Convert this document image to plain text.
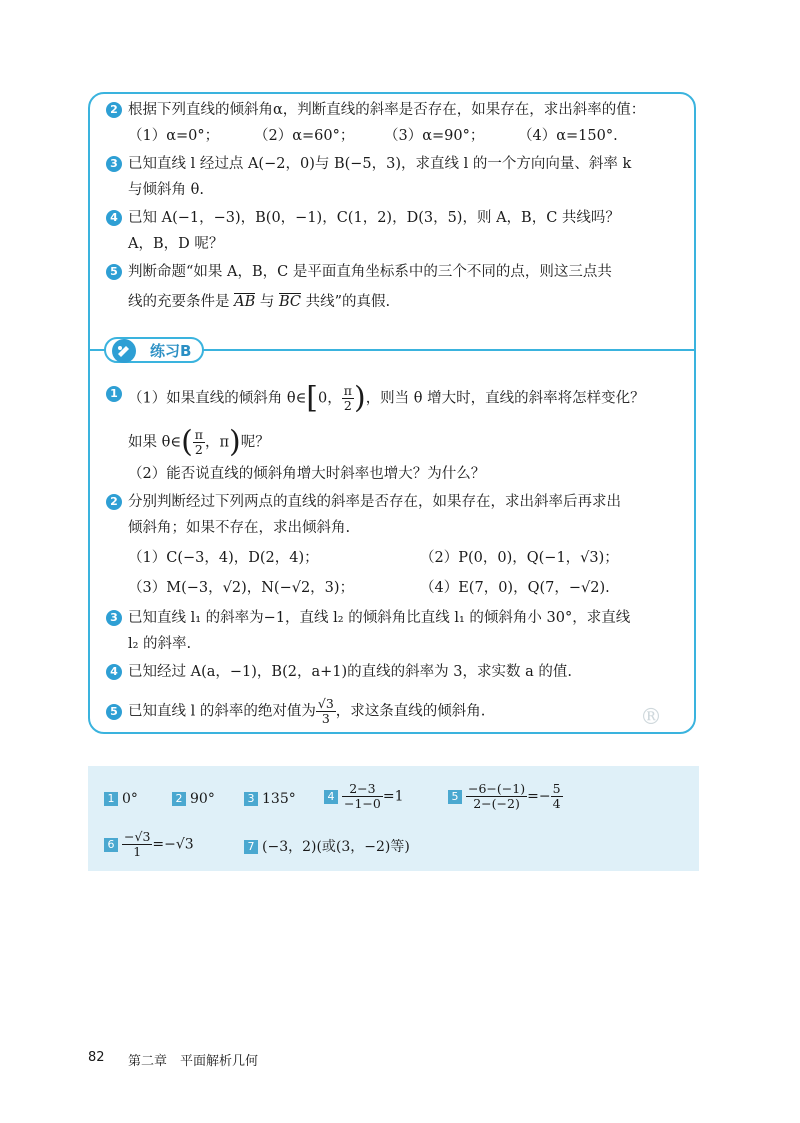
2 根据下列直线的倾斜角α，判断直线的斜率是否存在，如果存在，求出斜率的值：
（1）α=0°； （2）α=60°； （3）α=90°； （4）α=150°.
3 已知直线 l 经过点 A(−2，0)与 B(−5，3)，求直线 l 的一个方向向量、斜率 k
与倾斜角 θ.
4 已知 A(−1，−3)，B(0，−1)，C(1，2)，D(3，5)，则 A，B，C 共线吗？
A，B，D 呢？
5 判断命题“如果 A，B，C 是平面直角坐标系中的三个不同的点，则这三点共
线的充要条件是 AB 与 BC 共线”的真假.
练习B
1 （1）如果直线的倾斜角 θ∈[0， $\frac{\pi}{2}$ )，则当 θ 增大时，直线的斜率将怎样变化？
如果 θ∈( $\frac{\pi}{2}$ ，π)呢？
（2）能否说直线的倾斜角增大时斜率也增大？为什么？
2 分别判断经过下列两点的直线的斜率是否存在，如果存在，求出斜率后再求出
倾斜角；如果不存在，求出倾斜角.
（1）C(−3，4)，D(2，4)；	（2）P(0，0)，Q(−1，√3)；
（3）M(−3，√2)，N(−√2，3)；	（4）E(7，0)，Q(7，−√2).
3 已知直线 l₁ 的斜率为−1，直线 l₂ 的倾斜角比直线 l₁ 的倾斜角小 30°，求直线
l₂ 的斜率.
4 已知经过 A(a，−1)，B(2，a+1)的直线的斜率为 3，求实数 a 的值.
5 已知直线 l 的斜率的绝对值为 $\frac{√3}{3}$ ，求这条直线的倾斜角.	®
1 0°	2 90°	3 135°	$4 \frac{2-3}{-1-0} =1$	$5 \frac{-6-(-1)}{2-(-2)} =- \frac{5}{4}$
$6 \frac{-√3}{1} =-√3$	7 (−3，2)(或(3，−2)等)
82 第二章　平面解析几何
